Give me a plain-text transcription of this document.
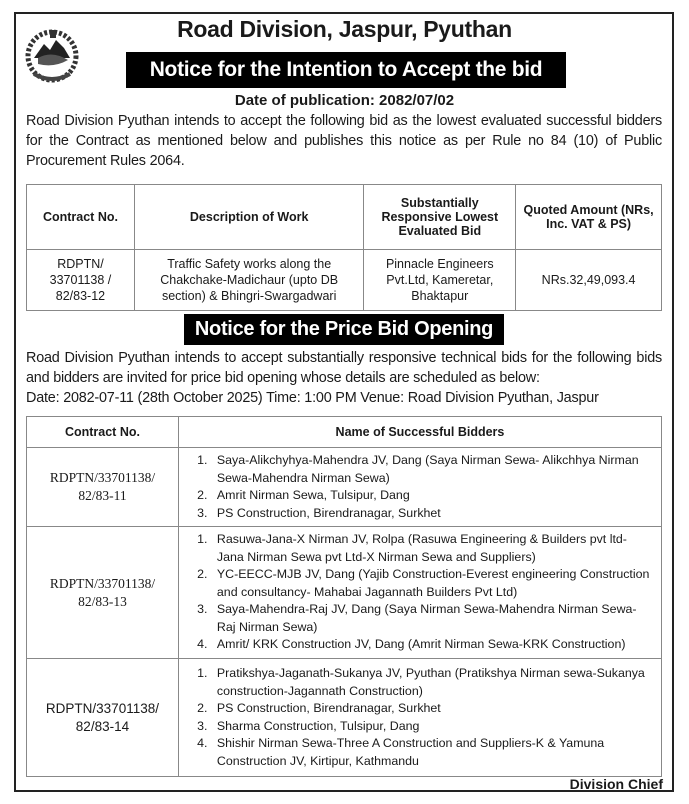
Road Division, Jaspur, Pyuthan
Notice for the Intention to Accept the bid
Date of publication: 2082/07/02
Road Division Pyuthan intends to accept the following bid as the lowest evaluated successful bidders for the Contract as mentioned below and publishes this notice as per Rule no 84 (10) of Public Procurement Rules 2064.
Contract No.	Description of Work	Substantially Responsive Lowest Evaluated Bid	Quoted Amount (NRs, Inc. VAT & PS)
RDPTN/ 33701138 / 82/83-12	Traffic Safety works along the Chakchake-Madichaur (upto DB section) & Bhingri-Swargadwari	Pinnacle Engineers Pvt.Ltd, Kameretar, Bhaktapur	NRs.32,49,093.4
Notice for the Price Bid Opening
Road Division Pyuthan intends to accept substantially responsive technical bids for the following bids and bidders are invited for price bid opening whose details are scheduled as below:
Date: 2082-07-11 (28th October 2025) Time: 1:00 PM Venue: Road Division Pyuthan, Jaspur
Contract No.	Name of Successful Bidders
RDPTN/33701138/
82/83-11	
1. Saya-Alikchyhya-Mahendra JV, Dang (Saya Nirman Sewa- Alikchhya Nirman Sewa-Mahendra Nirman Sewa)
2. Amrit Nirman Sewa, Tulsipur, Dang
3. PS Construction, Birendranagar, Surkhet

RDPTN/33701138/
82/83-13	
1. Rasuwa-Jana-X Nirman JV, Rolpa (Rasuwa Engineering & Builders pvt ltd-Jana Nirman Sewa pvt Ltd-X Nirman Sewa and Suppliers)
2. YC-EECC-MJB JV, Dang (Yajib Construction-Everest engineering Construction and consultancy- Mahabai Jagannath Builders Pvt Ltd)
3. Saya-Mahendra-Raj JV, Dang (Saya Nirman Sewa-Mahendra Nirman Sewa-Raj Nirman Sewa)
4. Amrit/ KRK Construction JV, Dang (Amrit Nirman Sewa-KRK Construction)

RDPTN/33701138/
82/83-14	
1. Pratikshya-Jaganath-Sukanya JV, Pyuthan (Pratikshya Nirman sewa-Sukanya construction-Jagannath Construction)
2. PS Construction, Birendranagar, Surkhet
3. Sharma Construction, Tulsipur, Dang
4. Shishir Nirman Sewa-Three A Construction and Suppliers-K & Yamuna Construction JV, Kirtipur, Kathmandu
Division Chief
